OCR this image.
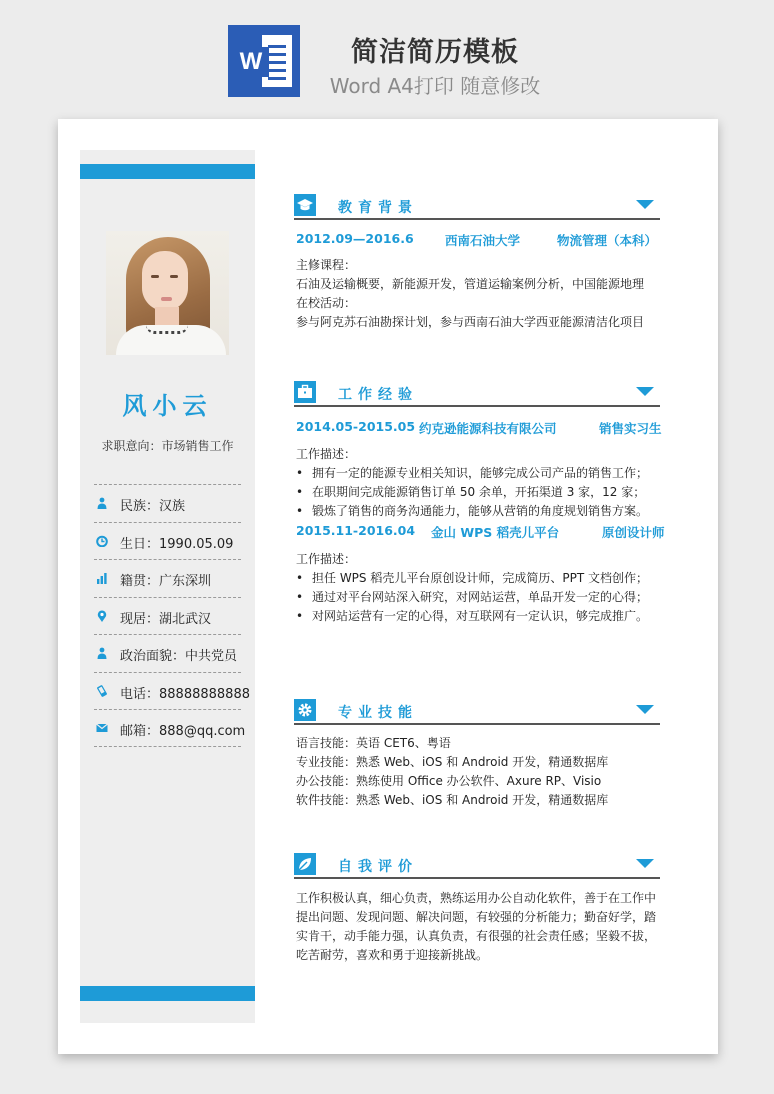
W	简洁简历模板
Word A4打印 随意修改
风小云
求职意向：市场销售工作
民族：汉族
生日：1990.05.09
籍贯：广东深圳
现居：湖北武汉
政治面貌：中共党员
电话：88888888888
邮箱：888@qq.com
教育背景
2012.09—2016.6	西南石油大学	物流管理（本科）

主修课程：

石油及运输概要，新能源开发，管道运输案例分析，中国能源地理

在校活动：

参与阿克苏石油勘探计划，参与西南石油大学西亚能源清洁化项目

工作经验
2014.05-2015.05 约克逊能源科技有限公司	销售实习生
工作描述：
• 拥有一定的能源专业相关知识，能够完成公司产品的销售工作；
• 在职期间完成能源销售订单 50 余单，开拓渠道 3 家，12 家；
• 锻炼了销售的商务沟通能力，能够从营销的角度规划销售方案。
2015.11-2016.04 金山 WPS 稻壳儿平台	原创设计师
工作描述：
• 担任 WPS 稻壳儿平台原创设计师，完成简历、PPT 文档创作；
• 通过对平台网站深入研究，对网站运营，单品开发一定的心得；
• 对网站运营有一定的心得，对互联网有一定认识，够完成推广。
专业技能

语言技能：英语 CET6、粤语

专业技能：熟悉 Web、iOS 和 Android 开发，精通数据库

办公技能：熟练使用 Office 办公软件、Axure RP、Visio

软件技能：熟悉 Web、iOS 和 Android 开发，精通数据库

自我评价

工作积极认真，细心负责，熟练运用办公自动化软件，善于在工作中

提出问题、发现问题、解决问题，有较强的分析能力；勤奋好学，踏

实肯干，动手能力强，认真负责，有很强的社会责任感；坚毅不拔，

吃苦耐劳，喜欢和勇于迎接新挑战。
